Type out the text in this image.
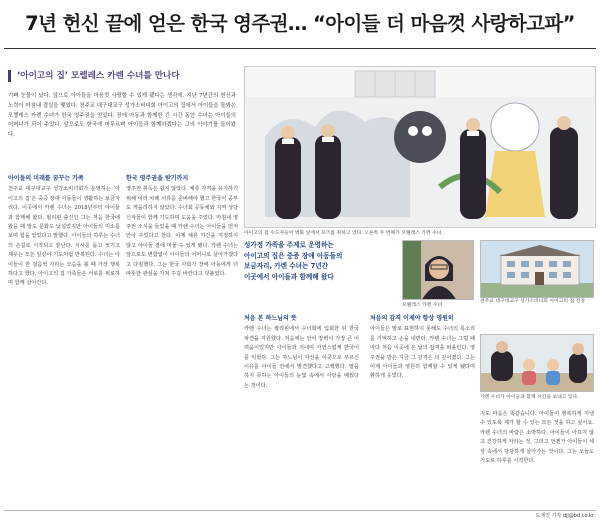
7년 헌신 끝에 얻은 한국 영주권… “아이들 더 마음껏 사랑하고파”
‘아이고의 집’ 모렐레스 카렌 수녀를 만나다
기뻐 눈물이 났다. 앞으로 아이들을 마음껏 사랑할 수 있게 됐다는 생각에. 지난 7년간의 헌신과 노력이 마침내 결실을 맺었다. 천주교 대구대교구 성가소비녀회 아이고의 집에서 아이들을 돌봐온 모렐레스 카렌 수녀가 한국 영주권을 얻었다. 장애 아동과 함께한 긴 시간 동안 수녀는 아이들의 어머니가 되어 주었다. 앞으로도 한국에 머무르며 아이들과 함께하겠다는 그의 이야기를 들어봤다.
아이들의 미래를 꿈꾸는 가족

천주교 대구대교구 성가소비녀회가 운영하는 ‘아이고의 집’은 중증 장애 아동들이 생활하는 보금자리다. 이곳에서 카렌 수녀는 2018년부터 아이들과 함께해 왔다. 필리핀 출신인 그는 처음 한국에 왔을 때 말도 문화도 낯설었지만 아이들의 미소를 보며 힘을 얻었다고 말했다. 아이들의 하루는 수녀의 손길로 시작되고 끝난다. 식사를 돕고 씻기고 재우는 모든 일상이 기도처럼 반복된다. 수녀는 아이들이 한 걸음씩 자라는 모습을 볼 때 가장 행복하다고 했다. 아이고의 집 가족들은 서로를 위로하며 함께 살아간다.

한국 영주권을 받기까지

영주권 취득은 쉽지 않았다. 체류 자격을 유지하기 위해 여러 차례 서류를 준비해야 했고 한국어 공부도 게을리하지 않았다. 수녀회 공동체와 지역 성당 신자들이 함께 기도하며 도움을 주었다. 마침내 영주권 소식을 들었을 때 카렌 수녀는 아이들을 먼저 안아 주었다고 한다. 이제 체류 기간을 걱정하지 않고 아이들 곁에 머물 수 있게 됐다. 카렌 수녀는 앞으로도 변함없이 아이들의 어머니로 살아가겠다고 다짐했다. 그는 한국 사회가 장애 아동에게 더 따뜻한 관심을 가져 주길 바란다고 덧붙였다.

아이고의 집 수도자들이 벽화 앞에서 포즈를 취하고 있다. 오른쪽 두 번째가 모렐레스 카렌 수녀.
성가정 가족을 주제로 운영하는
아이고의 집은 중증 장애 아동들의
보금자리, 카렌 수녀는 7년간
이곳에서 아이들과 함께해 왔다
모렐레스 카렌 수녀
천주교 대구대교구 성가소비녀회 아이고의 집 전경
카렌 수녀가 아이들과 함께 시간을 보내고 있다.
처음 본 하느님의 뜻

카렌 수녀는 필리핀에서 수녀회에 입회한 뒤 한국 파견을 자원했다. 처음에는 언어 장벽이 가장 큰 어려움이었지만 아이들과 지내며 자연스럽게 한국어를 익혔다. 그는 하느님이 자신을 이곳으로 부르신 이유를 아이들 안에서 발견했다고 고백했다. 말을 하지 못하는 아이들의 눈빛 속에서 사랑을 배웠다는 것이다.

처음의 감격 이제야 항상 영원히

아이들은 말로 표현하지 못해도 수녀의 목소리를 기억하고 손을 내민다. 카렌 수녀는 그럴 때마다 처음 이곳에 온 날의 감격을 떠올린다. 영주권을 받은 지금 그 감격은 더 깊어졌다. 그는 이제 아이들과 영원히 함께할 수 있게 됐다며 환하게 웃었다.

지도 마음은 똑같습니다. 아이들이 행복하게 지낼 수 있도록 제가 할 수 있는 모든 것을 하고 싶어요. 카렌 수녀의 바람은 소박하다. 아이들이 아프지 않고 건강하게 자라는 것, 그리고 언젠가 아이들이 세상 속에서 당당하게 살아가는 것이다. 그는 오늘도 기도로 하루를 시작한다.

도재진 기자 djj@bd.co.kr
